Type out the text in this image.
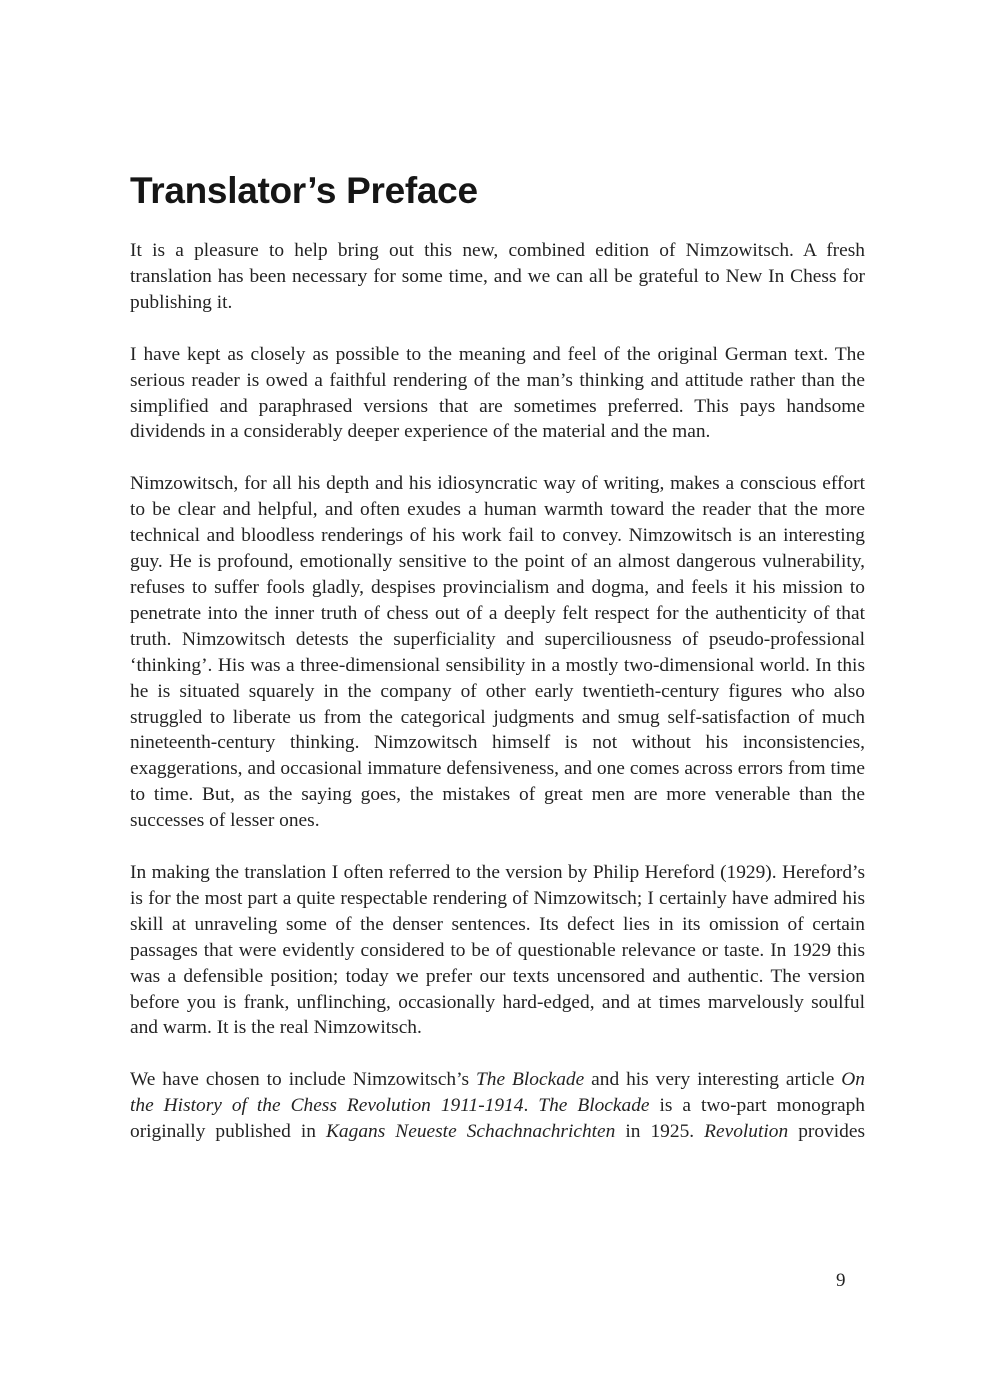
Translator’s Preface

It is a pleasure to help bring out this new, combined edition of Nimzowitsch. A fresh translation has been necessary for some time, and we can all be grateful to New In Chess for publishing it.

I have kept as closely as possible to the meaning and feel of the original German text. The serious reader is owed a faithful rendering of the man’s thinking and attitude rather than the simplified and paraphrased versions that are sometimes preferred. This pays handsome dividends in a considerably deeper experience of the material and the man.

Nimzowitsch, for all his depth and his idiosyncratic way of writing, makes a conscious effort to be clear and helpful, and often exudes a human warmth toward the reader that the more technical and bloodless renderings of his work fail to convey. Nimzowitsch is an interesting guy. He is profound, emotionally sensitive to the point of an almost dangerous vulnerability, refuses to suffer fools gladly, despises provincialism and dogma, and feels it his mission to penetrate into the inner truth of chess out of a deeply felt respect for the authenticity of that truth. Nimzowitsch detests the superficiality and superciliousness of pseudo-professional ‘thinking’. His was a three-dimensional sensibility in a mostly two-dimensional world. In this he is situated squarely in the company of other early twentieth-century figures who also struggled to liberate us from the categorical judgments and smug self-satisfaction of much nineteenth-century thinking. Nimzowitsch himself is not without his inconsistencies, exaggerations, and occasional immature defensiveness, and one comes across errors from time to time. But, as the saying goes, the mistakes of great men are more venerable than the successes of lesser ones.

In making the translation I often referred to the version by Philip Hereford (1929). Hereford’s is for the most part a quite respectable rendering of Nimzowitsch; I certainly have admired his skill at unraveling some of the denser sentences. Its defect lies in its omission of certain passages that were evidently considered to be of questionable relevance or taste. In 1929 this was a defensible position; today we prefer our texts uncensored and authentic. The version before you is frank, unflinching, occasionally hard-edged, and at times marvelously soulful and warm. It is the real Nimzowitsch.

We have chosen to include Nimzowitsch’s The Blockade and his very interesting article On the History of the Chess Revolution 1911-1914. The Blockade is a two-part monograph originally published in Kagans Neueste Schachnachrichten in 1925. Revolution provides

9
